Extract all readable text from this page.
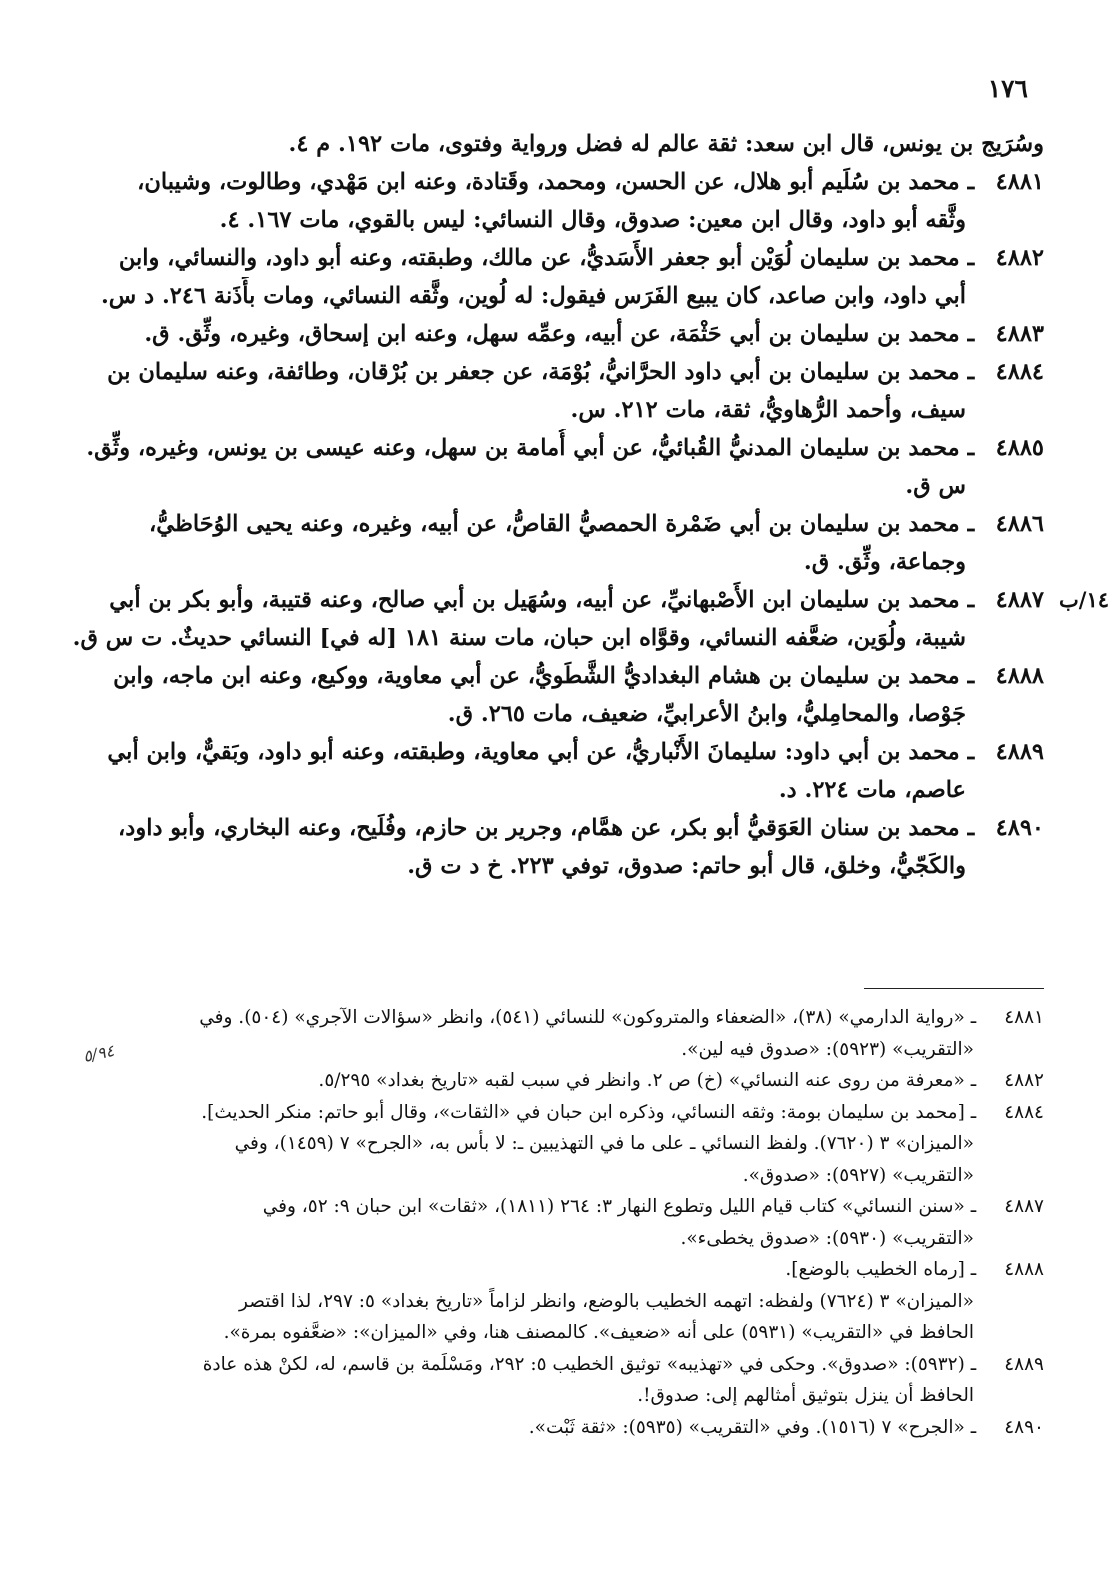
١٧٦
وسُرَيج بن يونس، قال ابن سعد: ثقة عالم له فضل ورواية وفتوى، مات ١٩٢. م ٤.
٤٨٨١ ـ محمد بن سُلَيم أبو هلال، عن الحسن، ومحمد، وقَتادة، وعنه ابن مَهْدي، وطالوت، وشيبان،
وثَّقه أبو داود، وقال ابن معين: صدوق، وقال النسائي: ليس بالقوي، مات ١٦٧. ٤.
٤٨٨٢ ـ محمد بن سليمان لُوَيْن أبو جعفر الأَسَديُّ، عن مالك، وطبقته، وعنه أبو داود، والنسائي، وابن
أبي داود، وابن صاعد، كان يبيع الفَرَس فيقول: له لُوين، وثَّقه النسائي، ومات بأَذَنة ٢٤٦. د س.
٤٨٨٣ ـ محمد بن سليمان بن أبي حَثْمَة، عن أبيه، وعمِّه سهل، وعنه ابن إسحاق، وغيره، وثِّق. ق.
٤٨٨٤ ـ محمد بن سليمان بن أبي داود الحرَّانيُّ، بُوْمَة، عن جعفر بن بُرْقان، وطائفة، وعنه سليمان بن
سيف، وأحمد الرُّهاويُّ، ثقة، مات ٢١٢. س.
٤٨٨٥ ـ محمد بن سليمان المدنيُّ القُبائيُّ، عن أبي أُمامة بن سهل، وعنه عيسى بن يونس، وغيره، وثِّق.
س ق.
٤٨٨٦ ـ محمد بن سليمان بن أبي ضَمْرة الحمصيُّ القاصُّ، عن أبيه، وغيره، وعنه يحيى الوُحَاظيُّ،
وجماعة، وثِّق. ق.
١٤/ب
٤٨٨٧ ـ محمد بن سليمان ابن الأَصْبهانيِّ، عن أبيه، وسُهَيل بن أبي صالح، وعنه قتيبة، وأبو بكر بن أبي
شيبة، ولُوَين، ضعَّفه النسائي، وقوَّاه ابن حبان، مات سنة ١٨١ [له في] النسائي حديثٌ. ت س ق.
٤٨٨٨ ـ محمد بن سليمان بن هشام البغداديُّ الشَّطَويُّ، عن أبي معاوية، ووكيع، وعنه ابن ماجه، وابن
جَوْصا، والمحامِليُّ، وابنُ الأعرابيِّ، ضعيف، مات ٢٦٥. ق.
٤٨٨٩ ـ محمد بن أبي داود: سليمانَ الأَنْباريُّ، عن أبي معاوية، وطبقته، وعنه أبو داود، وبَقيٌّ، وابن أبي
عاصم، مات ٢٢٤. د.
٤٨٩٠ ـ محمد بن سنان العَوَقيُّ أبو بكر، عن همَّام، وجرير بن حازم، وفُلَيح، وعنه البخاري، وأبو داود،
والكَجّيُّ، وخلق، قال أبو حاتم: صدوق، توفي ٢٢٣. خ د ت ق.
٥/٩٤
٤٨٨١ ـ «رواية الدارمي» (٣٨)، «الضعفاء والمتروكون» للنسائي (٥٤١)، وانظر «سؤالات الآجري» (٥٠٤). وفي
«التقريب» (٥٩٢٣): «صدوق فيه لين».
٤٨٨٢ ـ «معرفة من روى عنه النسائي» (خ) ص ٢. وانظر في سبب لقبه «تاريخ بغداد» ٥/٢٩٥.
٤٨٨٤ ـ [محمد بن سليمان بومة: وثقه النسائي، وذكره ابن حبان في «الثقات»، وقال أبو حاتم: منكر الحديث].
«الميزان» ٣ (٧٦٢٠). ولفظ النسائي ـ على ما في التهذيبين ـ: لا بأس به، «الجرح» ٧ (١٤٥٩)، وفي
«التقريب» (٥٩٢٧): «صدوق».
٤٨٨٧ ـ «سنن النسائي» كتاب قيام الليل وتطوع النهار ٣: ٢٦٤ (١٨١١)، «ثقات» ابن حبان ٩: ٥٢، وفي
«التقريب» (٥٩٣٠): «صدوق يخطىء».
٤٨٨٨ ـ [رماه الخطيب بالوضع].
«الميزان» ٣ (٧٦٢٤) ولفظه: اتهمه الخطيب بالوضع، وانظر لزاماً «تاريخ بغداد» ٥: ٢٩٧، لذا اقتصر
الحافظ في «التقريب» (٥٩٣١) على أنه «ضعيف». كالمصنف هنا، وفي «الميزان»: «ضعَّفوه بمرة».
٤٨٨٩ ـ (٥٩٣٢): «صدوق». وحكى في «تهذيبه» توثيق الخطيب ٥: ٢٩٢، ومَسْلَمة بن قاسم، له، لكنْ هذه عادة
الحافظ أن ينزل بتوثيق أمثالهم إلى: صدوق!.
٤٨٩٠ ـ «الجرح» ٧ (١٥١٦). وفي «التقريب» (٥٩٣٥): «ثقة ثَبْت».
